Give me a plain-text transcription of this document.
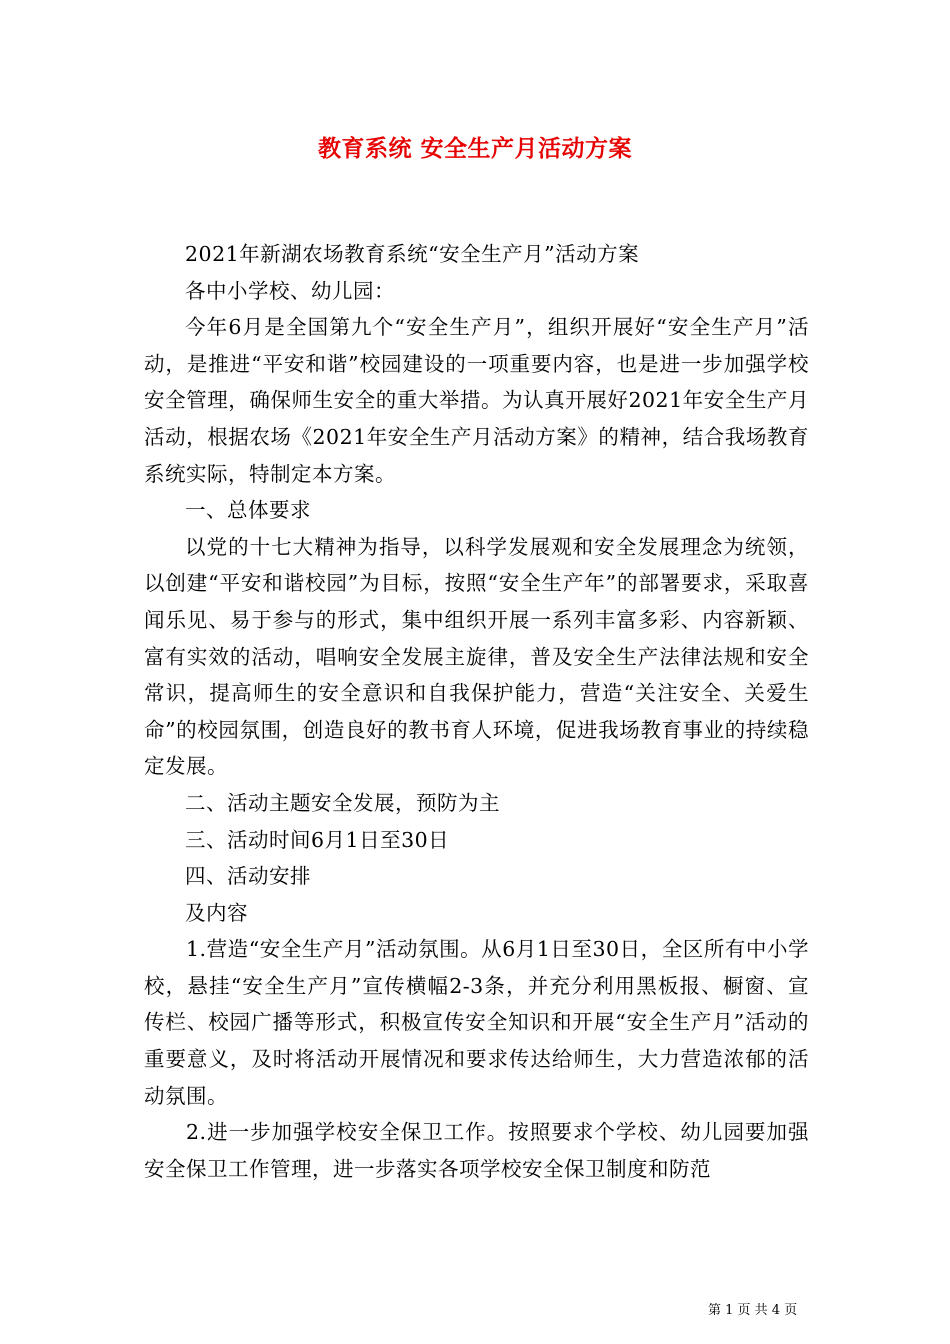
教育系统 安全生产月活动方案

2021年新湖农场教育系统“安全生产月”活动方案

各中小学校、幼儿园：

今年6月是全国第九个“安全生产月”，组织开展好“安全生产月”活动，是推进“平安和谐”校园建设的一项重要内容，也是进一步加强学校安全管理，确保师生安全的重大举措。为认真开展好2021年安全生产月活动，根据农场《2021年安全生产月活动方案》的精神，结合我场教育系统实际，特制定本方案。

一、总体要求

以党的十七大精神为指导，以科学发展观和安全发展理念为统领，以创建“平安和谐校园”为目标，按照“安全生产年”的部署要求，采取喜闻乐见、易于参与的形式，集中组织开展一系列丰富多彩、内容新颖、富有实效的活动，唱响安全发展主旋律，普及安全生产法律法规和安全常识，提高师生的安全意识和自我保护能力，营造“关注安全、关爱生命”的校园氛围，创造良好的教书育人环境，促进我场教育事业的持续稳定发展。

二、活动主题安全发展，预防为主

三、活动时间6月1日至30日

四、活动安排

及内容

1.营造“安全生产月”活动氛围。从6月1日至30日，全区所有中小学校，悬挂“安全生产月”宣传横幅2-3条，并充分利用黑板报、橱窗、宣传栏、校园广播等形式，积极宣传安全知识和开展“安全生产月”活动的重要意义，及时将活动开展情况和要求传达给师生，大力营造浓郁的活动氛围。

2.进一步加强学校安全保卫工作。按照要求个学校、幼儿园要加强安全保卫工作管理，进一步落实各项学校安全保卫制度和防范

第 1 页 共 4 页
